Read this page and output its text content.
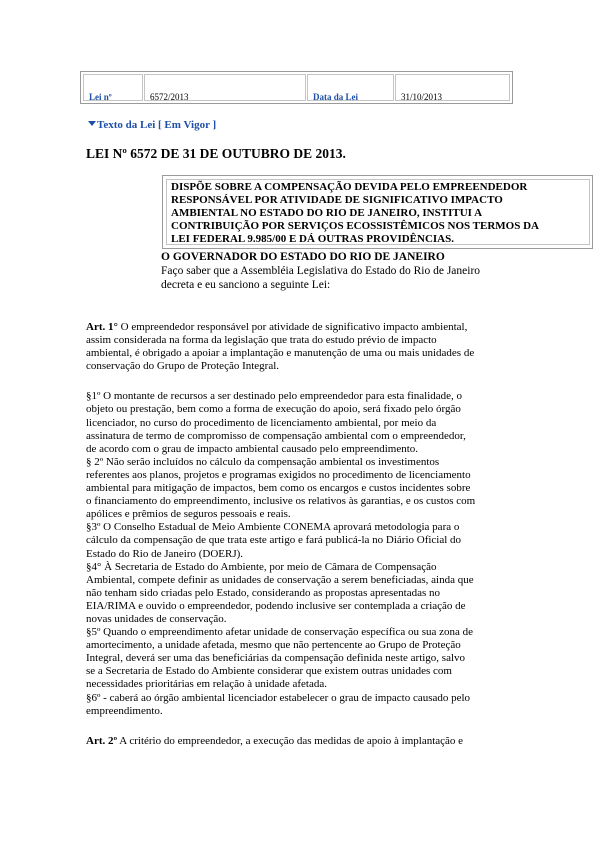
Lei nº	6572/2013	Data da Lei	31/10/2013
Texto da Lei [ Em Vigor ]
LEI Nº 6572 DE 31 DE OUTUBRO DE 2013.
DISPÕE SOBRE A COMPENSAÇÃO DEVIDA PELO EMPREENDEDOR
RESPONSÁVEL POR ATIVIDADE DE SIGNIFICATIVO IMPACTO
AMBIENTAL NO ESTADO DO RIO DE JANEIRO, INSTITUI A
CONTRIBUIÇÃO POR SERVIÇOS ECOSSISTÊMICOS NOS TERMOS DA
LEI FEDERAL 9.985/00 E DÁ OUTRAS PROVIDÊNCIAS.
O GOVERNADOR DO ESTADO DO RIO DE JANEIRO
Faço saber que a Assembléia Legislativa do Estado do Rio de Janeiro
decreta e eu sanciono a seguinte Lei:
Art. 1° O empreendedor responsável por atividade de significativo impacto ambiental,
assim considerada na forma da legislação que trata do estudo prévio de impacto
ambiental, é obrigado a apoiar a implantação e manutenção de uma ou mais unidades de
conservação do Grupo de Proteção Integral.
§1º O montante de recursos a ser destinado pelo empreendedor para esta finalidade, o
objeto ou prestação, bem como a forma de execução do apoio, será fixado pelo órgão
licenciador, no curso do procedimento de licenciamento ambiental, por meio da
assinatura de termo de compromisso de compensação ambiental com o empreendedor,
de acordo com o grau de impacto ambiental causado pelo empreendimento.
§ 2º Não serão incluídos no cálculo da compensação ambiental os investimentos
referentes aos planos, projetos e programas exigidos no procedimento de licenciamento
ambiental para mitigação de impactos, bem como os encargos e custos incidentes sobre
o financiamento do empreendimento, inclusive os relativos às garantias, e os custos com
apólices e prêmios de seguros pessoais e reais.
§3º O Conselho Estadual de Meio Ambiente CONEMA aprovará metodologia para o
cálculo da compensação de que trata este artigo e fará publicá-la no Diário Oficial do
Estado do Rio de Janeiro (DOERJ).
§4° À Secretaria de Estado do Ambiente, por meio de Câmara de Compensação
Ambiental, compete definir as unidades de conservação a serem beneficiadas, ainda que
não tenham sido criadas pelo Estado, considerando as propostas apresentadas no
EIA/RIMA e ouvido o empreendedor, podendo inclusive ser contemplada a criação de
novas unidades de conservação.
§5º Quando o empreendimento afetar unidade de conservação específica ou sua zona de
amortecimento, a unidade afetada, mesmo que não pertencente ao Grupo de Proteção
Integral, deverá ser uma das beneficiárias da compensação definida neste artigo, salvo
se a Secretaria de Estado do Ambiente considerar que existem outras unidades com
necessidades prioritárias em relação à unidade afetada.
§6º - caberá ao órgão ambiental licenciador estabelecer o grau de impacto causado pelo
empreendimento.
Art. 2º A critério do empreendedor, a execução das medidas de apoio à implantação e
